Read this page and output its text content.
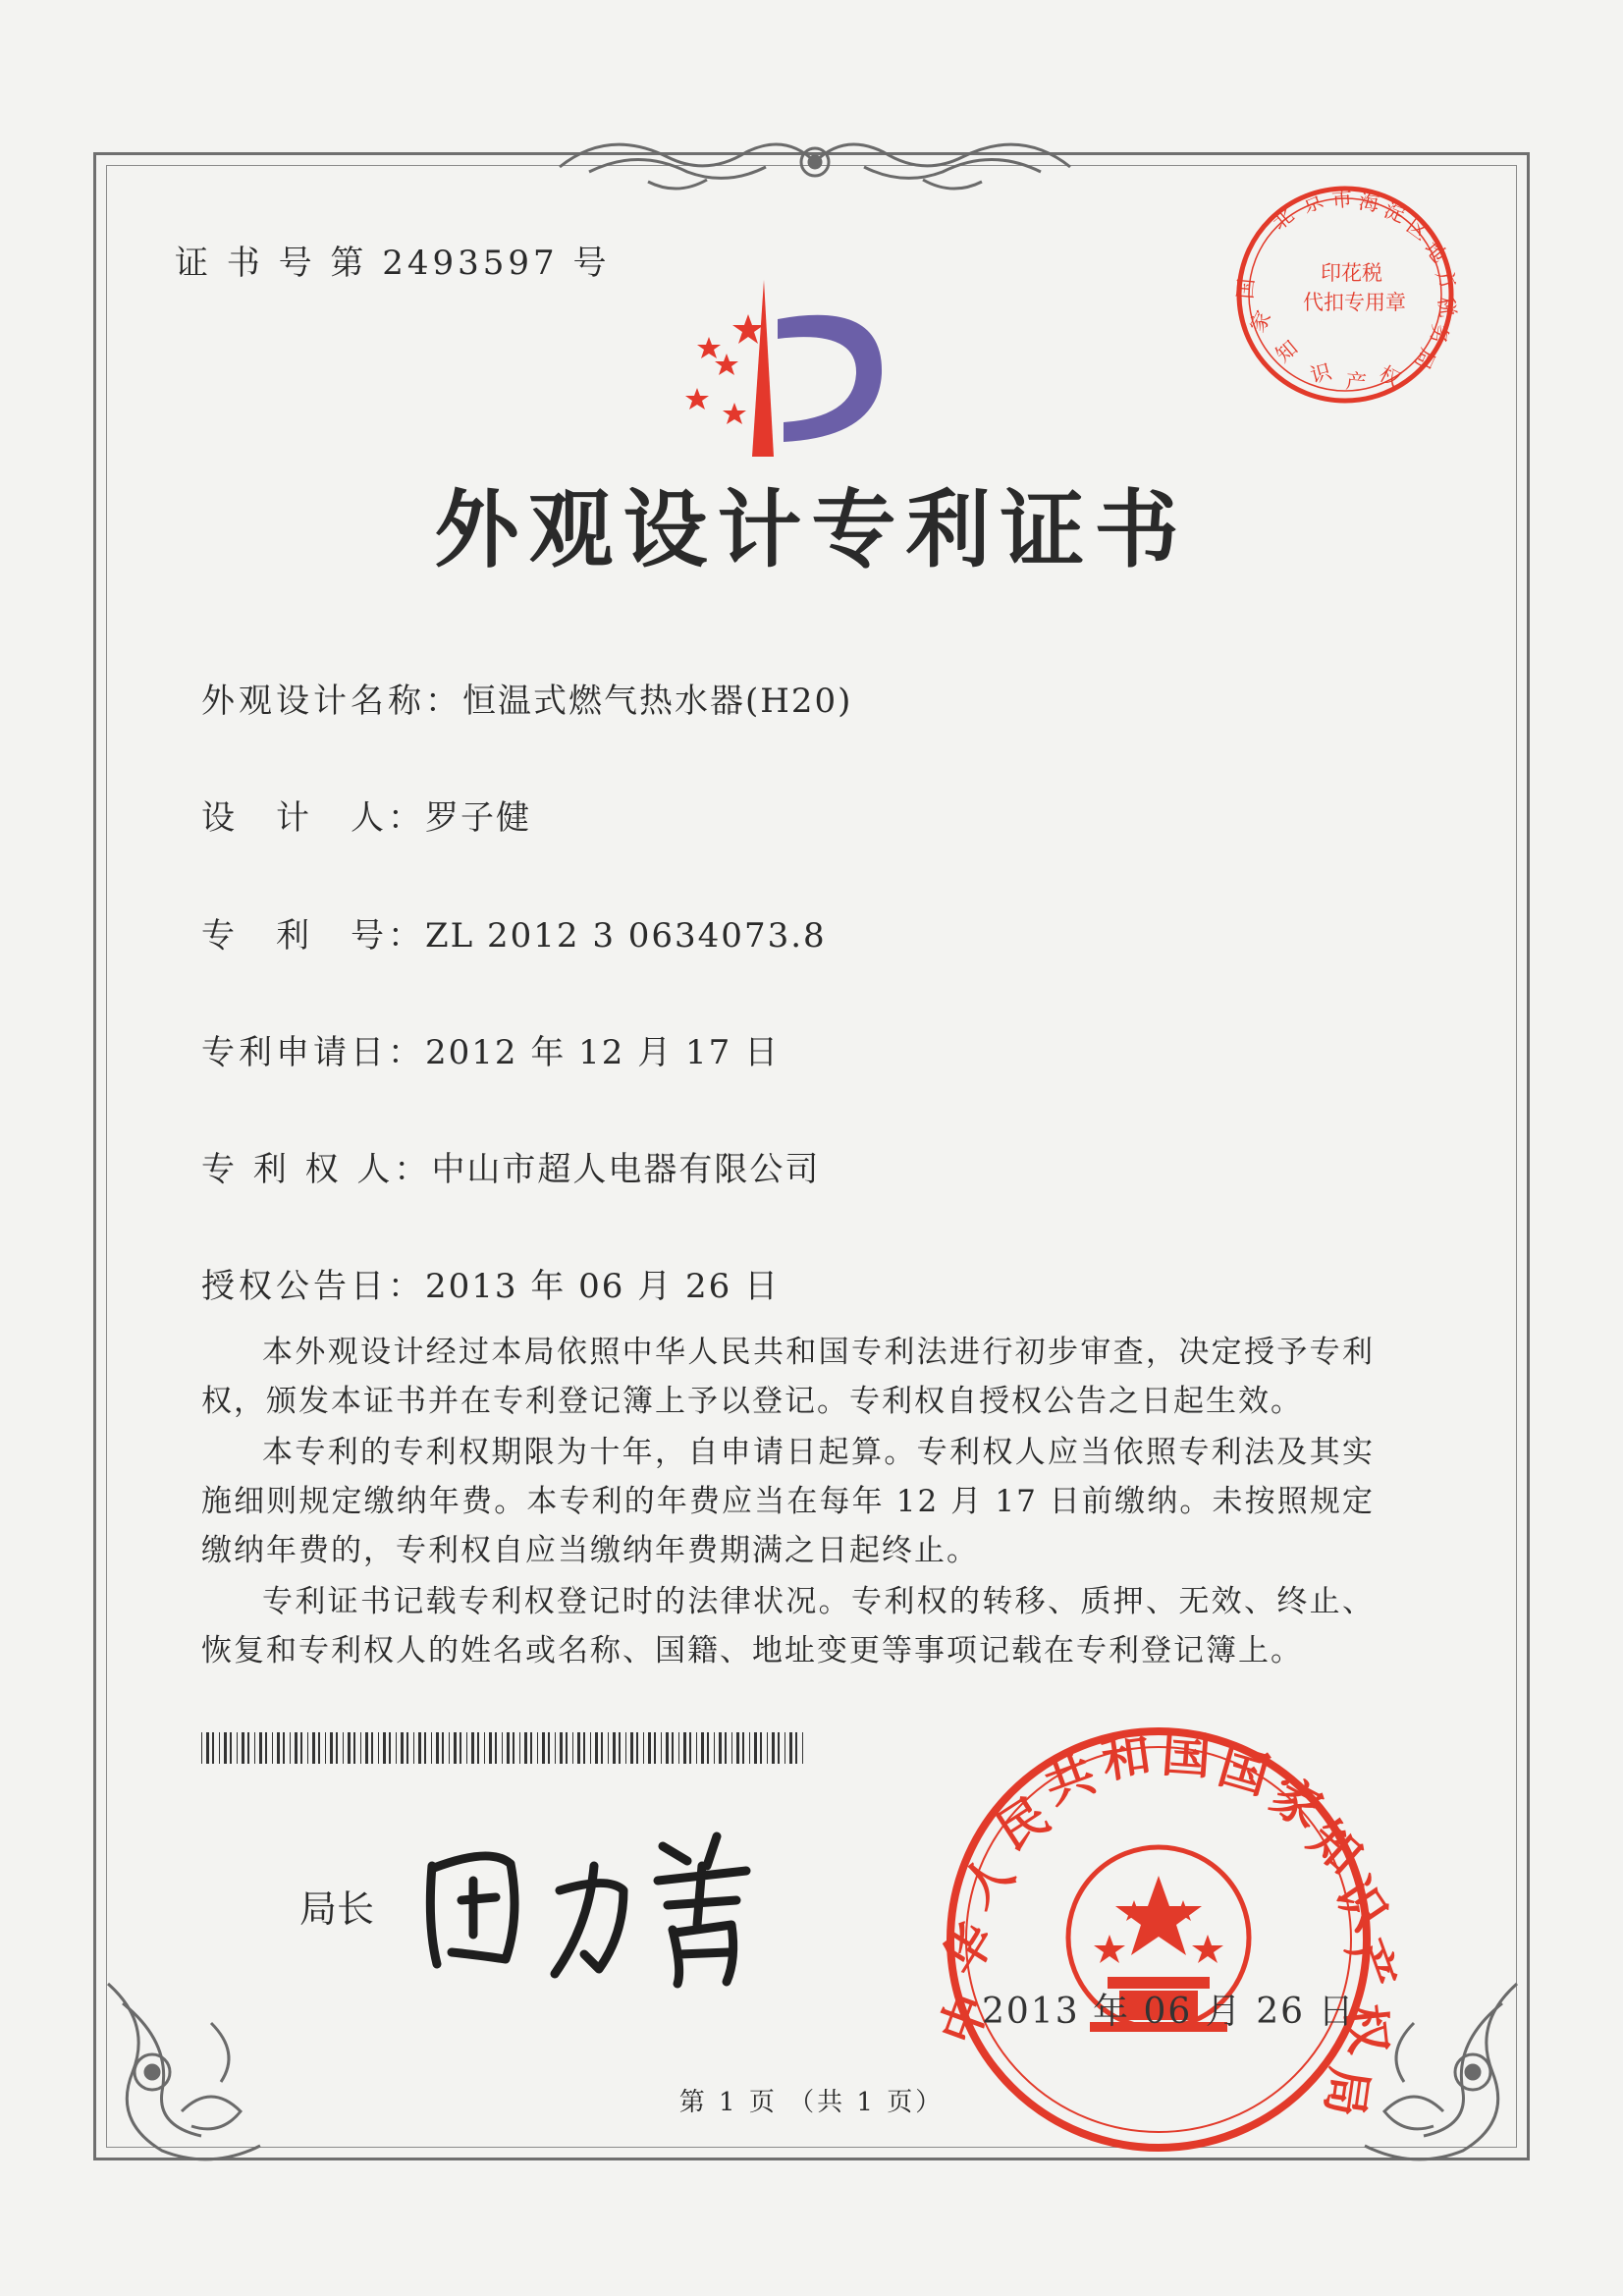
证 书 号 第 2493597 号
外观设计专利证书
外观设计名称：恒温式燃气热水器(H20)
设　计　人：罗子健
专　利　号：ZL 2012 3 0634073.8
专利申请日：2012 年 12 月 17 日
专 利 权 人：中山市超人电器有限公司
授权公告日：2013 年 06 月 26 日

本外观设计经过本局依照中华人民共和国专利法进行初步审查，决定授予专利权，颁发本证书并在专利登记簿上予以登记。专利权自授权公告之日起生效。

本专利的专利权期限为十年，自申请日起算。专利权人应当依照专利法及其实施细则规定缴纳年费。本专利的年费应当在每年 12 月 17 日前缴纳。未按照规定缴纳年费的，专利权自应当缴纳年费期满之日起终止。

专利证书记载专利权登记时的法律状况。专利权的转移、质押、无效、终止、恢复和专利权人的姓名或名称、国籍、地址变更等事项记载在专利登记簿上。

局长
北
京 市 海 淀
区
地
方
税
务
局
国
家
知
识 产 权
印花税
代扣专用章
中
华
人
民
共
和 国 国
家
知
识
产
权
局
2013 年 06 月 26 日
第 1 页 （共 1 页）
